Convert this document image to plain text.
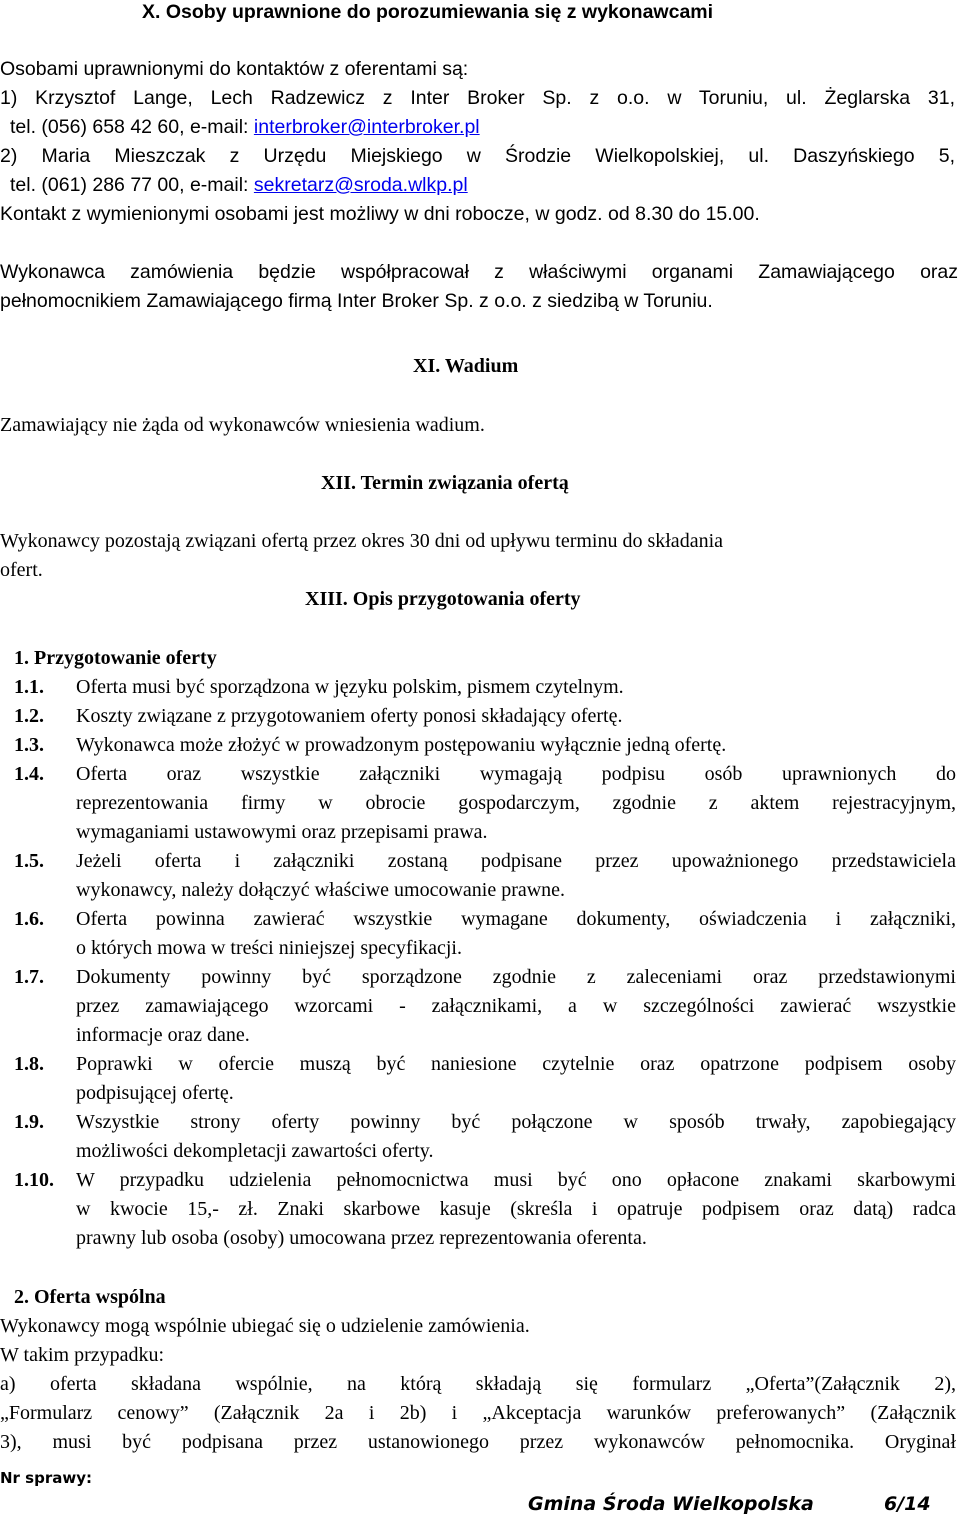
X. Osoby uprawnione do porozumiewania się z wykonawcami
Osobami uprawnionymi do kontaktów z oferentami są:
1) Krzysztof Lange, Lech Radzewicz z Inter Broker Sp. z o.o. w Toruniu, ul. Żeglarska 31,
tel. (056) 658 42 60, e-mail: interbroker@interbroker.pl
2) Maria Mieszczak z Urzędu Miejskiego w Środzie Wielkopolskiej, ul. Daszyńskiego 5,
tel. (061) 286 77 00, e-mail: sekretarz@sroda.wlkp.pl
Kontakt z wymienionymi osobami jest możliwy w dni robocze, w godz. od 8.30 do 15.00.
Wykonawca zamówienia będzie współpracował z właściwymi organami Zamawiającego oraz
pełnomocnikiem Zamawiającego firmą Inter Broker Sp. z o.o. z siedzibą w Toruniu.
XI. Wadium
Zamawiający nie żąda od wykonawców wniesienia wadium.
XII. Termin związania ofertą
Wykonawcy pozostają związani ofertą przez okres 30 dni od upływu terminu do składania
ofert.
XIII. Opis przygotowania oferty
1. Przygotowanie oferty
1.1. Oferta musi być sporządzona w języku polskim, pismem czytelnym.
1.2. Koszty związane z przygotowaniem oferty ponosi składający ofertę.
1.3. Wykonawca może złożyć w prowadzonym postępowaniu wyłącznie jedną ofertę.
1.4. Oferta oraz wszystkie załączniki wymagają podpisu osób uprawnionych do
reprezentowania firmy w obrocie gospodarczym, zgodnie z aktem rejestracyjnym,
wymaganiami ustawowymi oraz przepisami prawa.
1.5. Jeżeli oferta i załączniki zostaną podpisane przez upoważnionego przedstawiciela
wykonawcy, należy dołączyć właściwe umocowanie prawne.
1.6. Oferta powinna zawierać wszystkie wymagane dokumenty, oświadczenia i załączniki,
o których mowa w treści niniejszej specyfikacji.
1.7. Dokumenty powinny być sporządzone zgodnie z zaleceniami oraz przedstawionymi
przez zamawiającego wzorcami - załącznikami, a w szczególności zawierać wszystkie
informacje oraz dane.
1.8. Poprawki w ofercie muszą być naniesione czytelnie oraz opatrzone podpisem osoby
podpisującej ofertę.
1.9. Wszystkie strony oferty powinny być połączone w sposób trwały, zapobiegający
możliwości dekompletacji zawartości oferty.
1.10. W przypadku udzielenia pełnomocnictwa musi być ono opłacone znakami skarbowymi
w kwocie 15,- zł. Znaki skarbowe kasuje (skreśla i opatruje podpisem oraz datą) radca
prawny lub osoba (osoby) umocowana przez reprezentowania oferenta.
2. Oferta wspólna
Wykonawcy mogą wspólnie ubiegać się o udzielenie zamówienia.
W takim przypadku:
a) oferta składana wspólnie, na którą składają się formularz „Oferta”(Załącznik 2),
„Formularz cenowy” (Załącznik 2a i 2b) i „Akceptacja warunków preferowanych” (Załącznik
3), musi być podpisana przez ustanowionego przez wykonawców pełnomocnika. Oryginał
Nr sprawy:
Gmina Środa Wielkopolska	6/14
